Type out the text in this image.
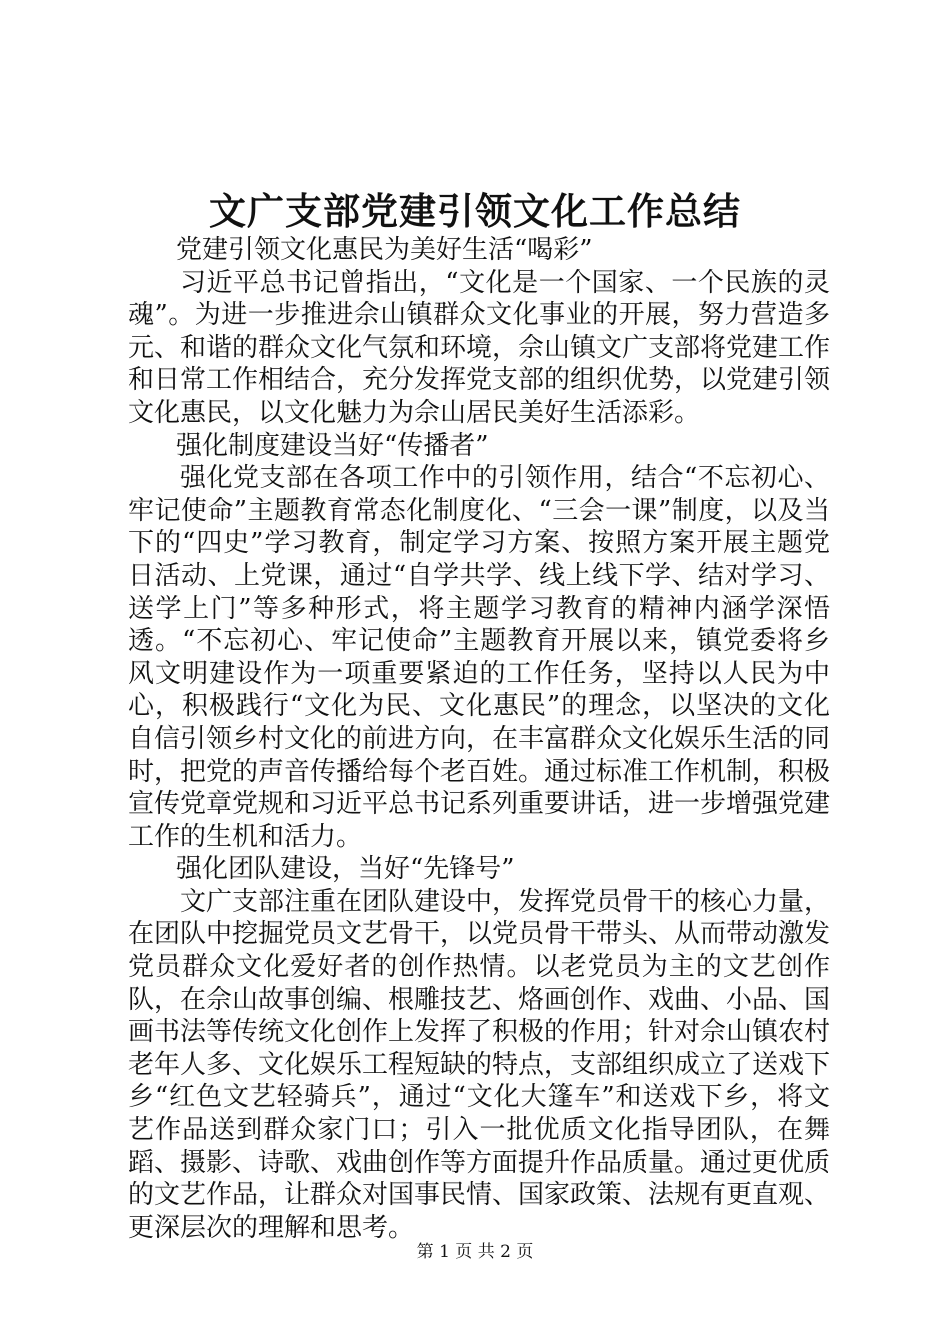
文广支部党建引领文化工作总结

党建引领文化惠民为美好生活“喝彩”

习近平总书记曾指出，“文化是一个国家、一个民族的灵魂”。为进一步推进佘山镇群众文化事业的开展，努力营造多元、和谐的群众文化气氛和环境，佘山镇文广支部将党建工作和日常工作相结合，充分发挥党支部的组织优势，以党建引领文化惠民，以文化魅力为佘山居民美好生活添彩。

强化制度建设当好“传播者”

强化党支部在各项工作中的引领作用，结合“不忘初心、牢记使命”主题教育常态化制度化、“三会一课”制度，以及当下的“四史”学习教育，制定学习方案、按照方案开展主题党日活动、上党课，通过“自学共学、线上线下学、结对学习、送学上门”等多种形式，将主题学习教育的精神内涵学深悟透。“不忘初心、牢记使命”主题教育开展以来，镇党委将乡风文明建设作为一项重要紧迫的工作任务，坚持以人民为中心，积极践行“文化为民、文化惠民”的理念，以坚决的文化自信引领乡村文化的前进方向，在丰富群众文化娱乐生活的同时，把党的声音传播给每个老百姓。通过标准工作机制，积极宣传党章党规和习近平总书记系列重要讲话，进一步增强党建工作的生机和活力。

强化团队建设，当好“先锋号”

文广支部注重在团队建设中，发挥党员骨干的核心力量，在团队中挖掘党员文艺骨干，以党员骨干带头、从而带动激发党员群众文化爱好者的创作热情。以老党员为主的文艺创作队，在佘山故事创编、根雕技艺、烙画创作、戏曲、小品、国画书法等传统文化创作上发挥了积极的作用；针对佘山镇农村老年人多、文化娱乐工程短缺的特点，支部组织成立了送戏下乡“红色文艺轻骑兵”，通过“文化大篷车”和送戏下乡，将文艺作品送到群众家门口；引入一批优质文化指导团队，在舞蹈、摄影、诗歌、戏曲创作等方面提升作品质量。通过更优质的文艺作品，让群众对国事民情、国家政策、法规有更直观、更深层次的理解和思考。

第 1 页 共 2 页
